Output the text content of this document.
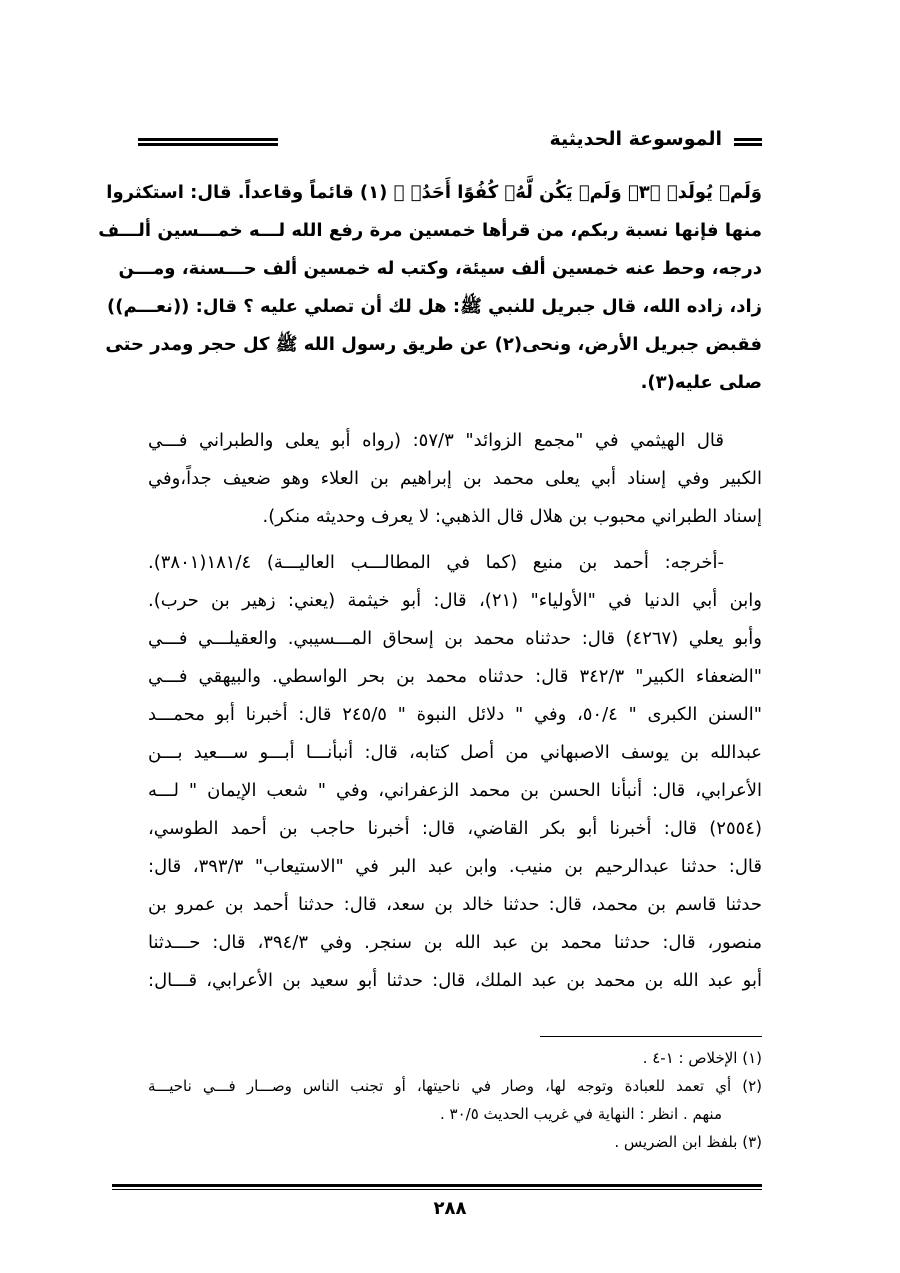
الموسوعة الحديثية
وَلَمۡ يُولَدۡ ﴿٣﴾ وَلَمۡ يَكُن لَّهُۥ كُفُوًا أَحَدُۢ ﴾ (١) قائماً وقاعداً. قال: استكثروا
منها فإنها نسبة ربكم، من قرأها خمسين مرة رفع الله لـــه خمـــسين ألـــف
درجه، وحط عنه خمسين ألف سيئة، وكتب له خمسين ألف حـــسنة، ومـــن
زاد، زاده الله، قال جبريل للنبي ﷺ: هل لك أن تصلي عليه ؟ قال: ((نعـــم))
فقبض جبريل الأرض، ونحى(٢) عن طريق رسول الله ﷺ كل حجر ومدر حتى
صلى عليه(٣).
قال الهيثمي في "مجمع الزوائد" ٥٧/٣: (رواه أبو يعلى والطبراني فـــي
الكبير وفي إسناد أبي يعلى محمد بن إبراهيم بن العلاء وهو ضعيف جداً،وفي
إسناد الطبراني محبوب بن هلال قال الذهبي: لا يعرف وحديثه منكر).
-أخرجه: أحمد بن منيع (كما في المطالـــب العاليـــة) ١٨١/٤(٣٨٠١).
وابن أبي الدنيا في "الأولياء" (٢١)، قال: أبو خيثمة (يعني: زهير بن حرب).
وأبو يعلي (٤٢٦٧) قال: حدثناه محمد بن إسحاق المـــسيبي. والعقيلـــي فـــي
"الضعفاء الكبير" ٣٤٢/٣ قال: حدثناه محمد بن بحر الواسطي. والبيهقي فـــي
"السنن الكبرى " ٥٠/٤، وفي " دلائل النبوة " ٢٤٥/٥ قال: أخبرنا أبو محمـــد
عبدالله بن يوسف الاصبهاني من أصل كتابه، قال: أنبأنـــا أبـــو ســـعيد بـــن
الأعرابي، قال: أنبأنا الحسن بن محمد الزعفراني، وفي " شعب الإيمان " لـــه
(٢٥٥٤) قال: أخبرنا أبو بكر القاضي، قال: أخبرنا حاجب بن أحمد الطوسي،
قال: حدثنا عبدالرحيم بن منيب. وابن عبد البر في "الاستيعاب" ٣٩٣/٣، قال:
حدثنا قاسم بن محمد، قال: حدثنا خالد بن سعد، قال: حدثنا أحمد بن عمرو بن
منصور، قال: حدثنا محمد بن عبد الله بن سنجر. وفي ٣٩٤/٣، قال: حـــدثنا
أبو عبد الله بن محمد بن عبد الملك، قال: حدثنا أبو سعيد بن الأعرابي، قـــال:
(١) الإخلاص : ١-٤ .
(٢) أي تعمد للعبادة وتوجه لها، وصار في ناحيتها، أو تجنب الناس وصـــار فـــي ناحيـــة
منهم . انظر : النهاية في غريب الحديث ٣٠/٥ .
(٣) بلفظ ابن الضريس .
٢٨٨
